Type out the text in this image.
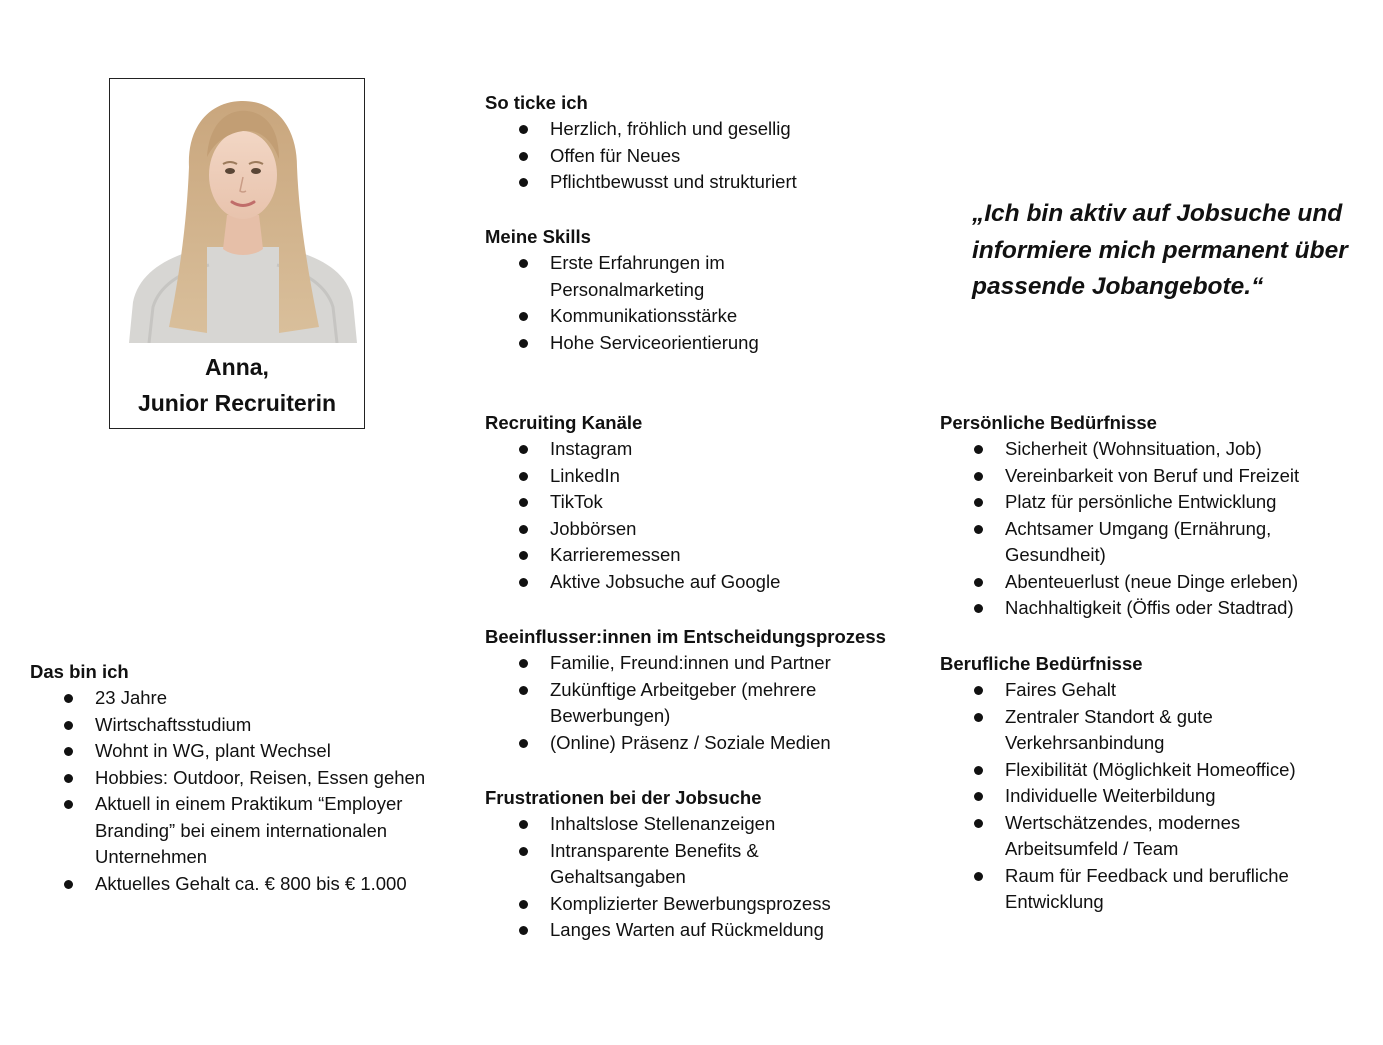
Anna,
Junior Recruiterin
So ticke ich
Herzlich, fröhlich und gesellig
Offen für Neues
Pflichtbewusst und strukturiert
Meine Skills
Erste Erfahrungen im Personalmarketing
Kommunikationsstärke
Hohe Serviceorientierung
„Ich bin aktiv auf Jobsuche und informiere mich permanent über passende Jobangebote.“
Recruiting Kanäle
Instagram
LinkedIn
TikTok
Jobbörsen
Karrieremessen
Aktive Jobsuche auf Google
Beeinflusser:innen im Entscheidungsprozess
Familie, Freund:innen und Partner
Zukünftige Arbeitgeber (mehrere Bewerbungen)
(Online) Präsenz / Soziale Medien
Frustrationen bei der Jobsuche
Inhaltslose Stellenanzeigen
Intransparente Benefits & Gehaltsangaben
Komplizierter Bewerbungsprozess
Langes Warten auf Rückmeldung
Das bin ich
23 Jahre
Wirtschaftsstudium
Wohnt in WG, plant Wechsel
Hobbies: Outdoor, Reisen, Essen gehen
Aktuell in einem Praktikum “Employer Branding” bei einem internationalen Unternehmen
Aktuelles Gehalt ca. € 800 bis € 1.000
Persönliche Bedürfnisse
Sicherheit (Wohnsituation, Job)
Vereinbarkeit von Beruf und Freizeit
Platz für persönliche Entwicklung
Achtsamer Umgang (Ernährung, Gesundheit)
Abenteuerlust (neue Dinge erleben)
Nachhaltigkeit (Öffis oder Stadtrad)
Berufliche Bedürfnisse
Faires Gehalt
Zentraler Standort & gute Verkehrsanbindung
Flexibilität (Möglichkeit Homeoffice)
Individuelle Weiterbildung
Wertschätzendes, modernes Arbeitsumfeld / Team
Raum für Feedback und berufliche Entwicklung
